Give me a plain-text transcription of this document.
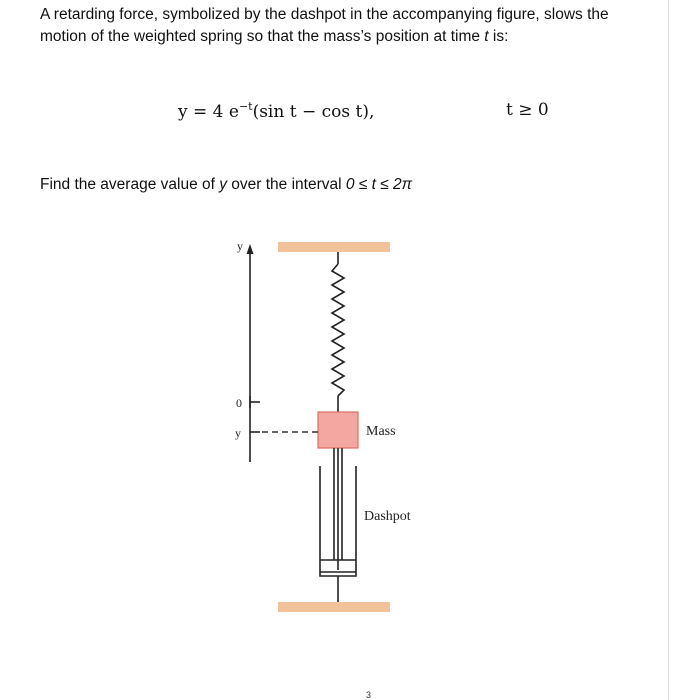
A retarding force, symbolized by the dashpot in the accompanying figure, slows the motion of the weighted spring so that the mass’s position at time t is:

y = 4 $e^{-t}(\sin$ t − cos t),	t ≥ 0
Find the average value of y over the interval 0 ≤ t ≤ 2π
Mass
Dashpot
y
0
y
3
